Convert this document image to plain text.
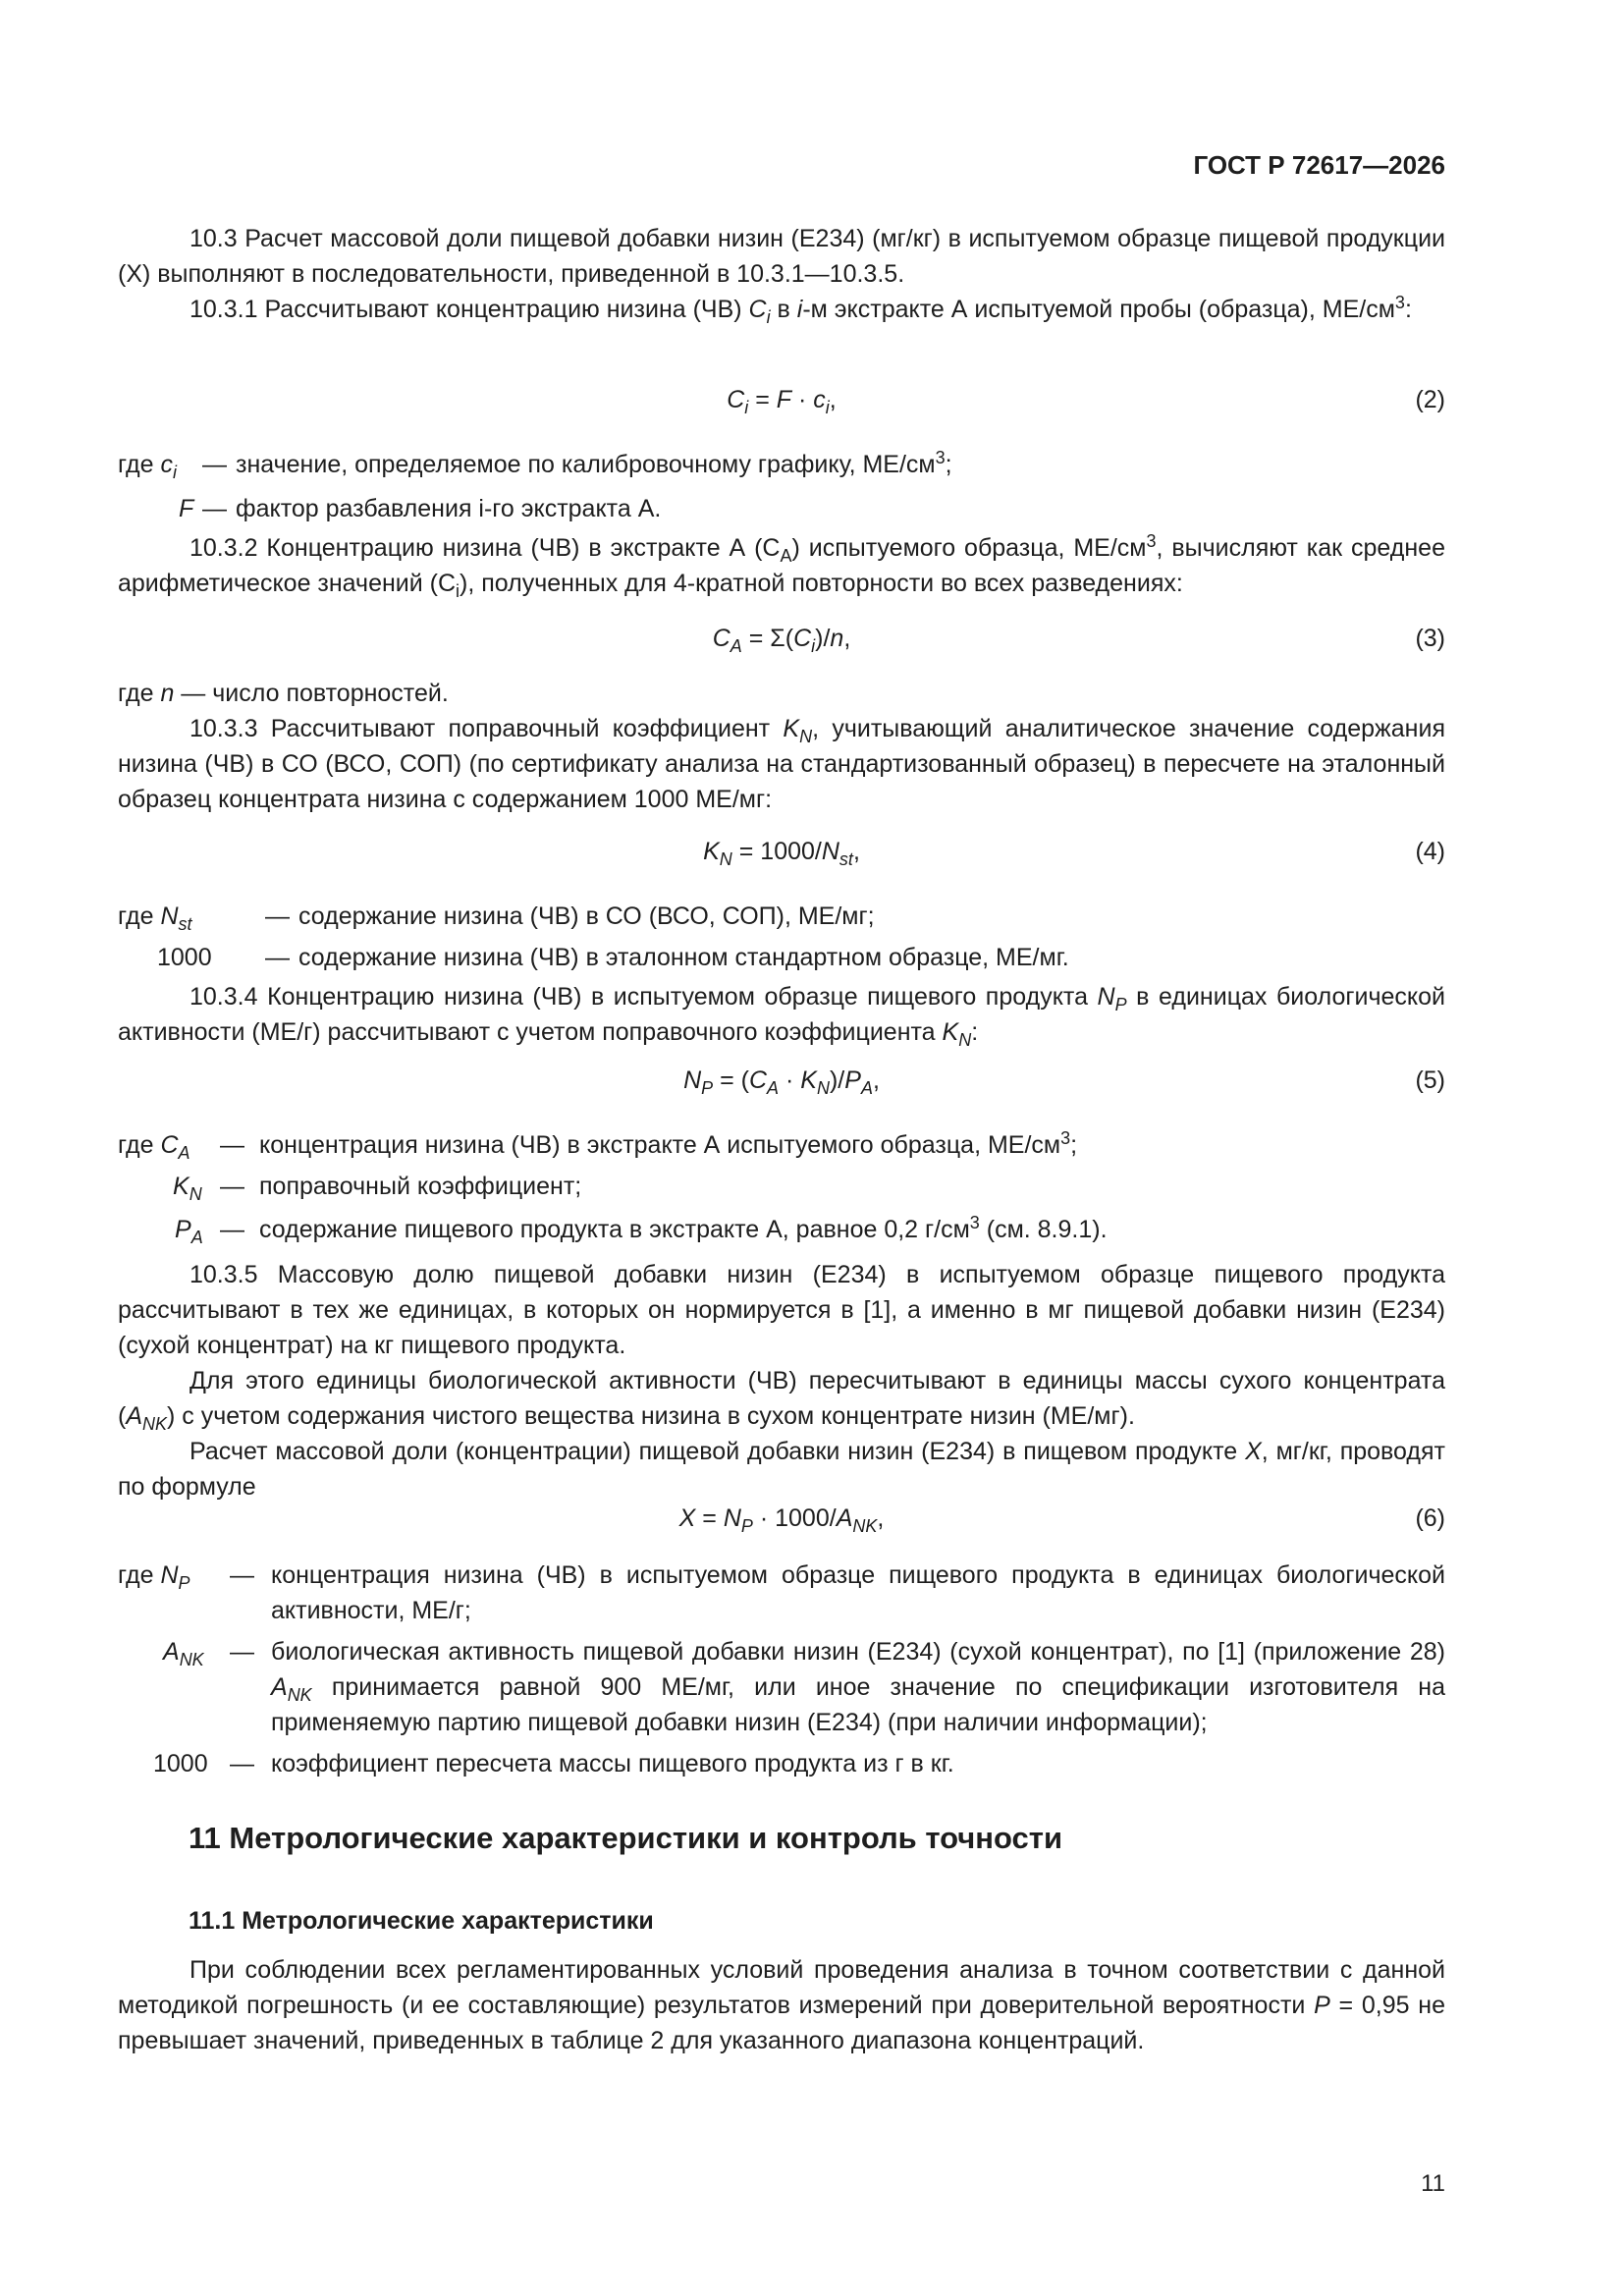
ГОСТ Р 72617—2026

10.3 Расчет массовой доли пищевой добавки низин (Е234) (мг/кг) в испытуемом образце пищевой продукции (X) выполняют в последовательности, приведенной в 10.3.1—10.3.5.

10.3.1 Рассчитывают концентрацию низина (ЧВ) $C_i$ в i-м экстракте А испытуемой пробы (образца), $МЕ/см^3$:

$C_i = F \cdot c_i$,	(2)
где $c_i$ — значение, определяемое по калибровочному графику, $МЕ/см^3$;
F — фактор разбавления i-го экстракта А.

10.3.2 Концентрацию низина (ЧВ) в экстракте А $(C_A)$ испытуемого образца, $МЕ/см^3$, вычисляют как среднее арифметическое значений $(C_i)$, полученных для 4-кратной повторности во всех разведениях:

$C_A = \Sigma(C_i)/n$,	(3)
где n — число повторностей.

10.3.3 Рассчитывают поправочный коэффициент $K_N$, учитывающий аналитическое значение содержания низина (ЧВ) в СО (ВСО, СОП) (по сертификату анализа на стандартизованный образец) в пересчете на эталонный образец концентрата низина с содержанием 1000 МЕ/мг:

$K_N = 1000/N_{st}$,	(4)
где $N_{st}$	— содержание низина (ЧВ) в СО (ВСО, СОП), МЕ/мг;
1000 — содержание низина (ЧВ) в эталонном стандартном образце, МЕ/мг.

10.3.4 Концентрацию низина (ЧВ) в испытуемом образце пищевого продукта $N_P$ в единицах биологической активности (МЕ/г) рассчитывают с учетом поправочного коэффициента $K_N$:

$N_P = (C_A \cdot K_N)/P_A$,	(5)
где $C_A$ — концентрация низина (ЧВ) в экстракте А испытуемого образца, $МЕ/см^3$;
$K_N$ — поправочный коэффициент;
$P_A$ — содержание пищевого продукта в экстракте А, равное 0,2 $г/см^3$ (см. 8.9.1).

10.3.5 Массовую долю пищевой добавки низин (Е234) в испытуемом образце пищевого продукта рассчитывают в тех же единицах, в которых он нормируется в [1], а именно в мг пищевой добавки низин (Е234) (сухой концентрат) на кг пищевого продукта.

Для этого единицы биологической активности (ЧВ) пересчитывают в единицы массы сухого концентрата $(A_{NK})$ с учетом содержания чистого вещества низина в сухом концентрате низин (МЕ/мг).

Расчет массовой доли (концентрации) пищевой добавки низин (Е234) в пищевом продукте X, мг/кг, проводят по формуле

$X = N_P \cdot 1000/A_{NK}$,	(6)
где $N_P$ — концентрация низина (ЧВ) в испытуемом образце пищевого продукта в единицах биологической активности, МЕ/г;
$A_{NK}$ — биологическая активность пищевой добавки низин (Е234) (сухой концентрат), по [1] (приложение 28) $A_{NK}$ принимается равной 900 МЕ/мг, или иное значение по спецификации изготовителя на применяемую партию пищевой добавки низин (Е234) (при наличии информации);
1000 — коэффициент пересчета массы пищевого продукта из г в кг.
11 Метрологические характеристики и контроль точности
11.1 Метрологические характеристики

При соблюдении всех регламентированных условий проведения анализа в точном соответствии с данной методикой погрешность (и ее составляющие) результатов измерений при доверительной вероятности P = 0,95 не превышает значений, приведенных в таблице 2 для указанного диапазона концентраций.

11
